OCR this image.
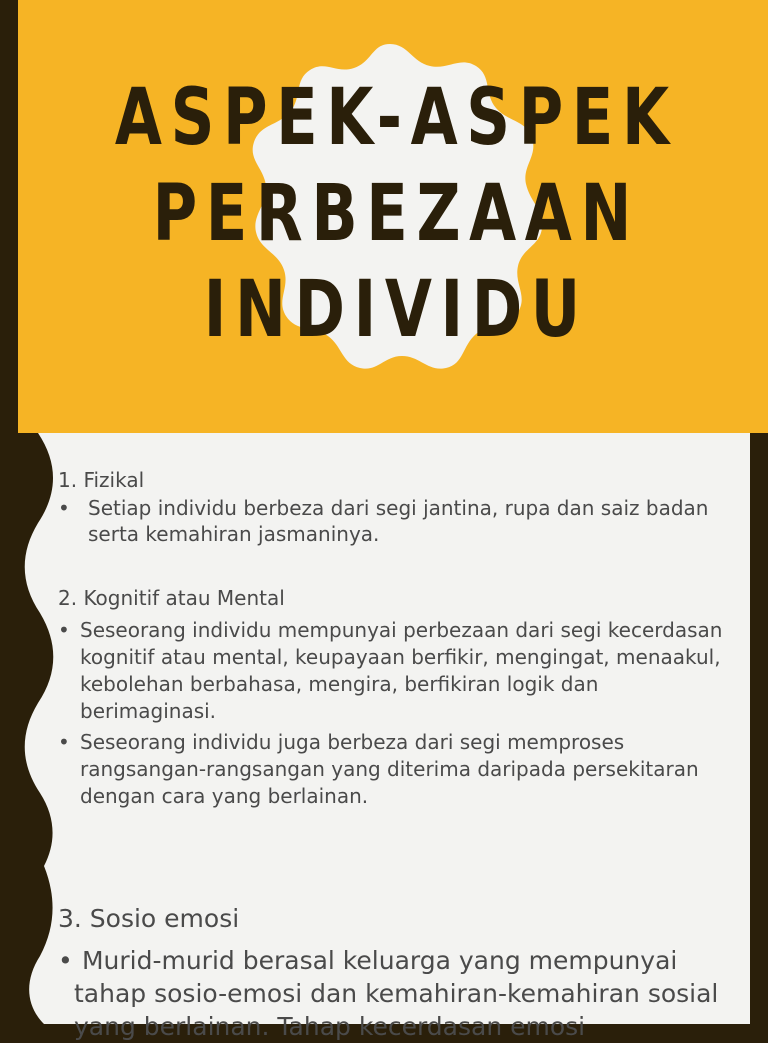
ASPEK-ASPEK
PERBEZAAN
INDIVIDU

1. Fizikal

• Setiap individu berbeza dari segi jantina, rupa dan saiz badan serta kemahiran jasmaninya.

2. Kognitif atau Mental

• Seseorang individu mempunyai perbezaan dari segi kecerdasan kognitif atau mental, keupayaan berfikir, mengingat, menaakul, kebolehan berbahasa, mengira, berfikiran logik dan berimaginasi.
• Seseorang individu juga berbeza dari segi memproses rangsangan-rangsangan yang diterima daripada persekitaran dengan cara yang berlainan.

3. Sosio emosi

• Murid-murid berasal keluarga yang mempunyai tahap sosio-emosi dan kemahiran-kemahiran sosial yang berlainan. Tahap kecerdasan emosi
